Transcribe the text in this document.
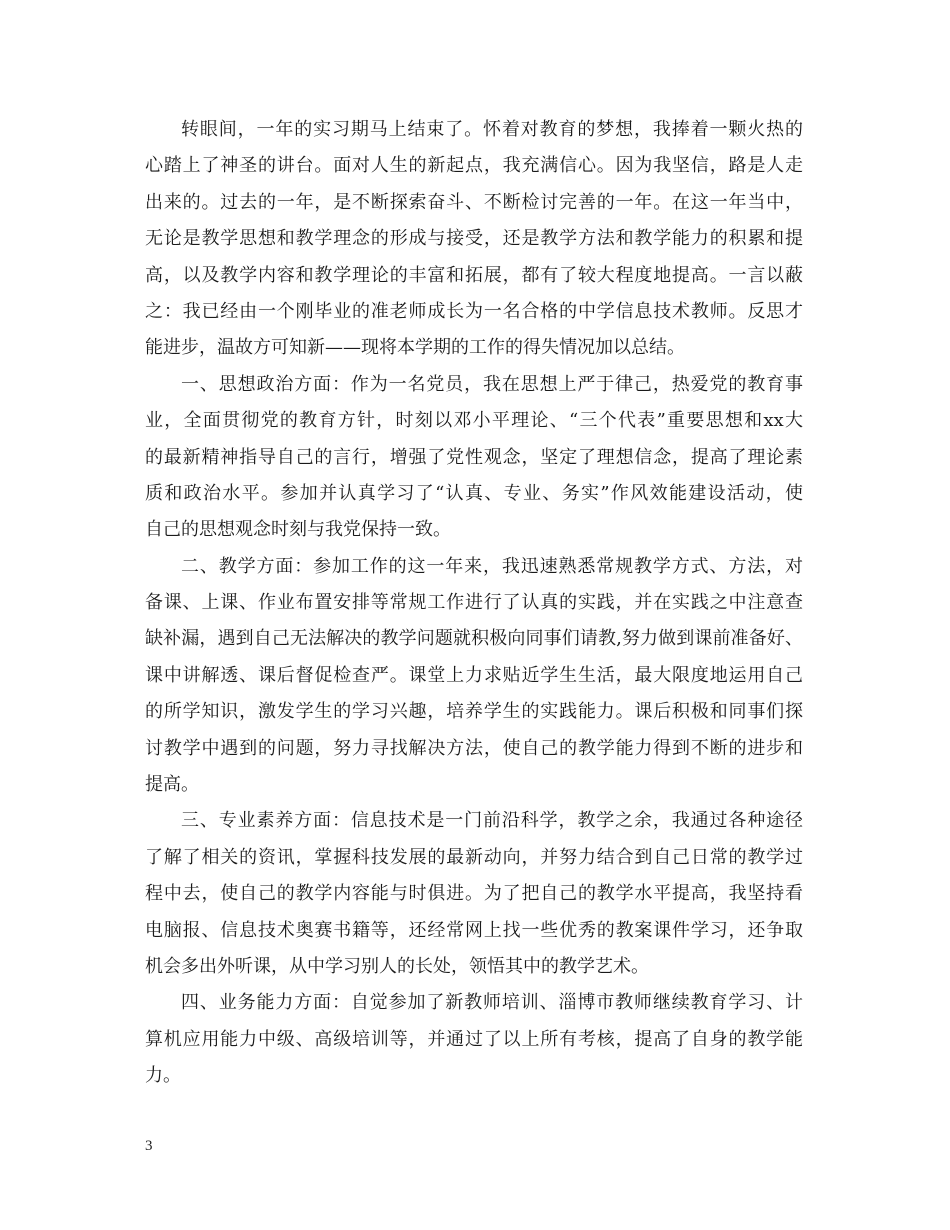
转眼间，一年的实习期马上结束了。怀着对教育的梦想，我捧着一颗火热的
心踏上了神圣的讲台。面对人生的新起点，我充满信心。因为我坚信，路是人走
出来的。过去的一年，是不断探索奋斗、不断检讨完善的一年。在这一年当中，
无论是教学思想和教学理念的形成与接受，还是教学方法和教学能力的积累和提
高，以及教学内容和教学理论的丰富和拓展，都有了较大程度地提高。一言以蔽
之：我已经由一个刚毕业的准老师成长为一名合格的中学信息技术教师。反思才
能进步，温故方可知新——现将本学期的工作的得失情况加以总结。
一、思想政治方面：作为一名党员，我在思想上严于律己，热爱党的教育事
业，全面贯彻党的教育方针，时刻以邓小平理论、“三个代表”重要思想和xx大
的最新精神指导自己的言行，增强了党性观念，坚定了理想信念，提高了理论素
质和政治水平。参加并认真学习了“认真、专业、务实”作风效能建设活动，使
自己的思想观念时刻与我党保持一致。
二、教学方面：参加工作的这一年来，我迅速熟悉常规教学方式、方法，对
备课、上课、作业布置安排等常规工作进行了认真的实践，并在实践之中注意查
缺补漏，遇到自己无法解决的教学问题就积极向同事们请教,努力做到课前准备好、
课中讲解透、课后督促检查严。课堂上力求贴近学生生活，最大限度地运用自己
的所学知识，激发学生的学习兴趣，培养学生的实践能力。课后积极和同事们探
讨教学中遇到的问题，努力寻找解决方法，使自己的教学能力得到不断的进步和
提高。
三、专业素养方面：信息技术是一门前沿科学，教学之余，我通过各种途径
了解了相关的资讯，掌握科技发展的最新动向，并努力结合到自己日常的教学过
程中去，使自己的教学内容能与时俱进。为了把自己的教学水平提高，我坚持看
电脑报、信息技术奥赛书籍等，还经常网上找一些优秀的教案课件学习，还争取
机会多出外听课，从中学习别人的长处，领悟其中的教学艺术。
四、业务能力方面：自觉参加了新教师培训、淄博市教师继续教育学习、计
算机应用能力中级、高级培训等，并通过了以上所有考核，提高了自身的教学能
力。
3
